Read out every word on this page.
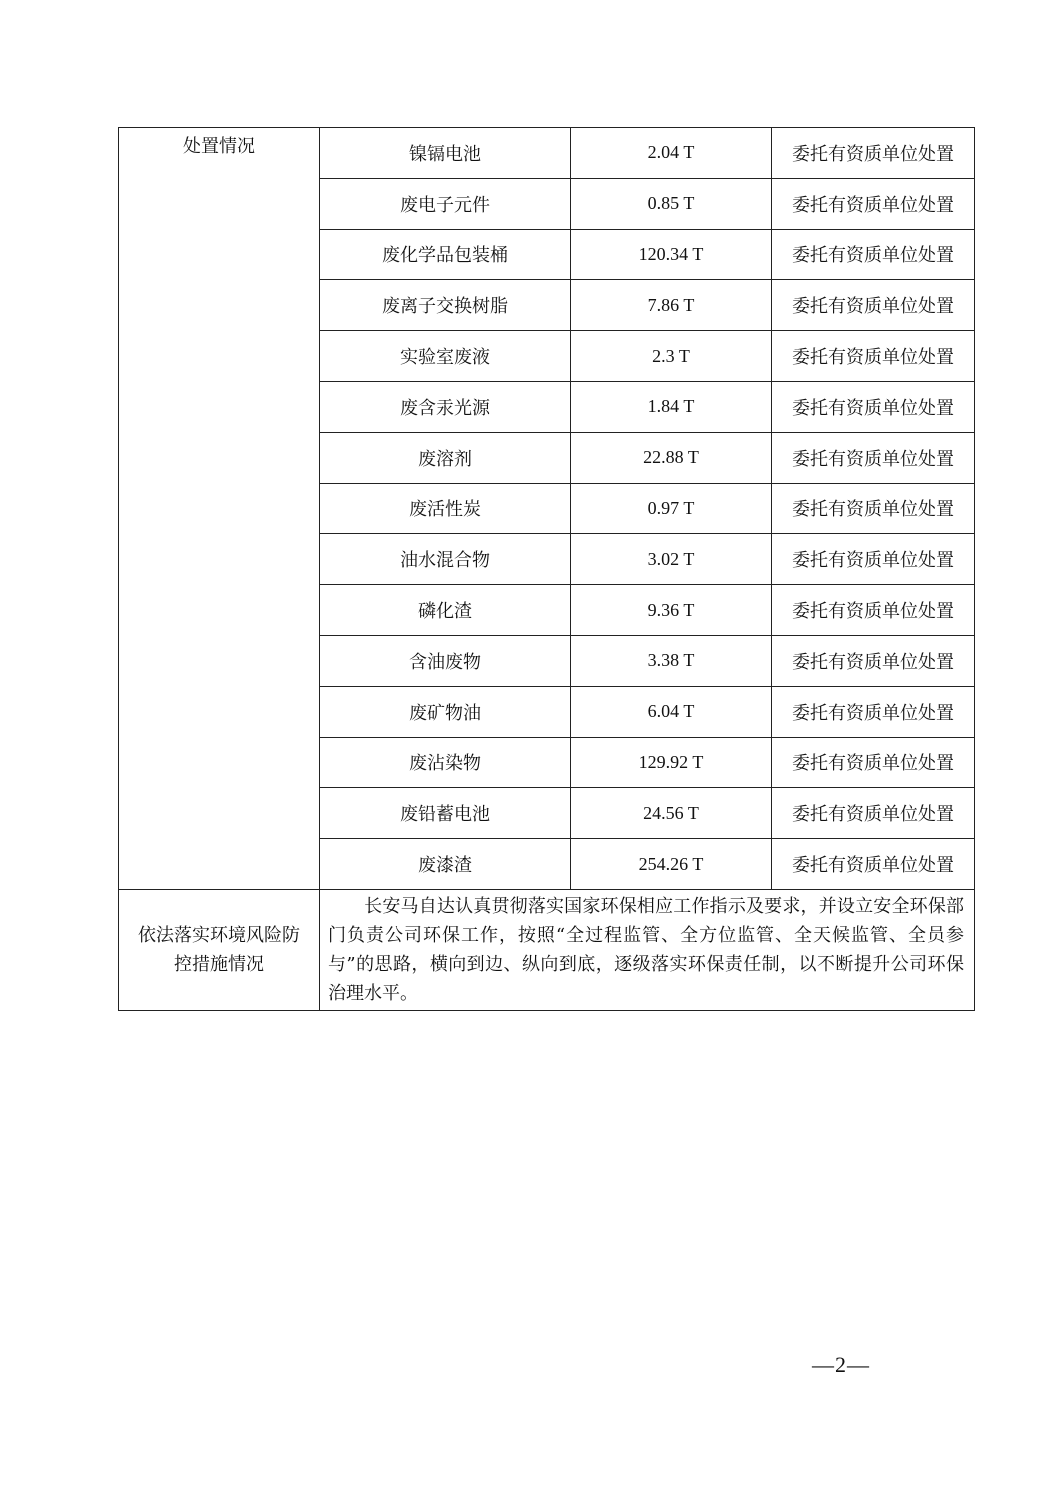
处置情况	镍镉电池	2.04 T	委托有资质单位处置
	废电子元件	0.85 T	委托有资质单位处置
	废化学品包装桶	120.34 T	委托有资质单位处置
	废离子交换树脂	7.86 T	委托有资质单位处置
	实验室废液	2.3 T	委托有资质单位处置
	废含汞光源	1.84 T	委托有资质单位处置
	废溶剂	22.88 T	委托有资质单位处置
	废活性炭	0.97 T	委托有资质单位处置
	油水混合物	3.02 T	委托有资质单位处置
	磷化渣	9.36 T	委托有资质单位处置
	含油废物	3.38 T	委托有资质单位处置
	废矿物油	6.04 T	委托有资质单位处置
	废沾染物	129.92 T	委托有资质单位处置
	废铅蓄电池	24.56 T	委托有资质单位处置
	废漆渣	254.26 T	委托有资质单位处置
依法落实环境风险防控措施情况	长安马自达认真贯彻落实国家环保相应工作指示及要求，并设立安全环保部门负责公司环保工作，按照“全过程监管、全方位监管、全天候监管、全员参与”的思路，横向到边、纵向到底，逐级落实环保责任制，以不断提升公司环保治理水平。		
—2—
